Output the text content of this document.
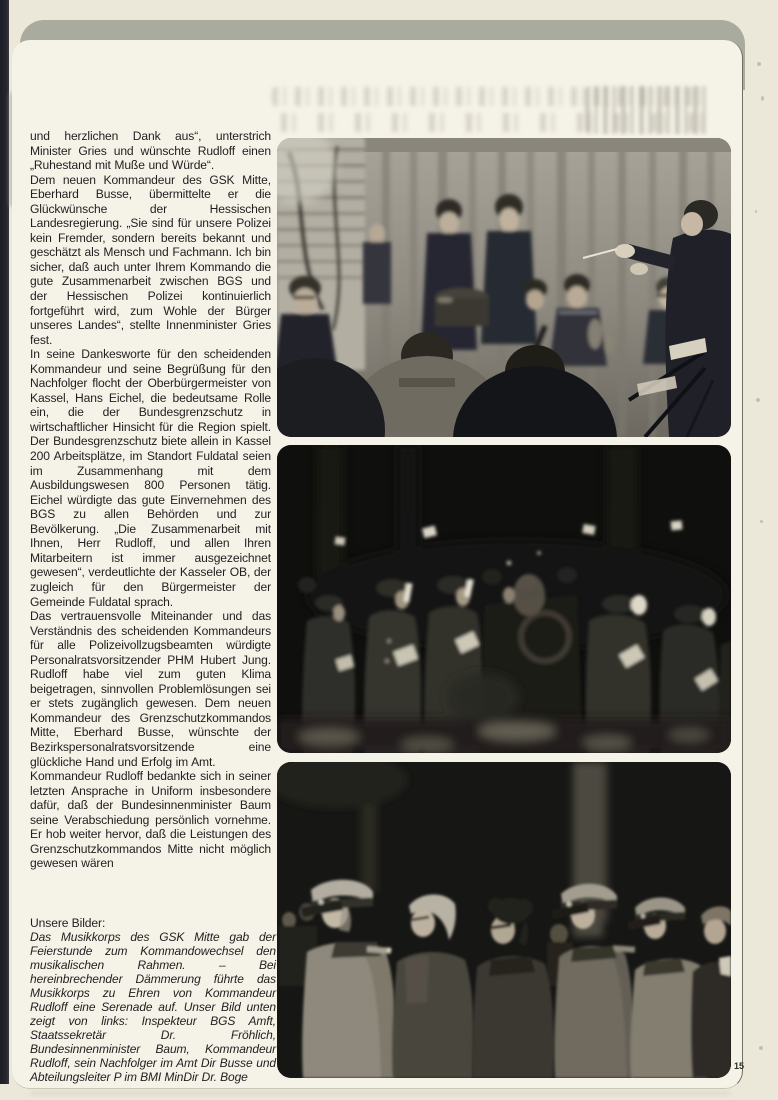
und herzlichen Dank aus“, unterstrich Minister Gries und wünschte Rudloff einen „Ruhestand mit Muße und Würde“.

Dem neuen Kommandeur des GSK Mitte, Eberhard Busse, übermittelte er die Glückwünsche der Hessischen Landesregierung. „Sie sind für unsere Polizei kein Fremder, sondern bereits bekannt und geschätzt als Mensch und Fachmann. Ich bin sicher, daß auch unter Ihrem Kommando die gute Zusammenarbeit zwischen BGS und der Hessischen Polizei kontinuierlich fortgeführt wird, zum Wohle der Bürger unseres Landes“, stellte Innenminister Gries fest.

In seine Dankesworte für den scheidenden Kommandeur und seine Begrüßung für den Nachfolger flocht der Oberbürgermeister von Kassel, Hans Eichel, die bedeutsame Rolle ein, die der Bundesgrenzschutz in wirtschaftlicher Hinsicht für die Region spielt. Der Bundesgrenzschutz biete allein in Kassel 200 Arbeitsplätze, im Standort Fuldatal seien im Zusammenhang mit dem Ausbildungswesen 800 Personen tätig. Eichel würdigte das gute Einvernehmen des BGS zu allen Behörden und zur Bevölkerung. „Die Zusammenarbeit mit Ihnen, Herr Rudloff, und allen Ihren Mitarbeitern ist immer ausgezeichnet gewesen“, verdeutlichte der Kasseler OB, der zugleich für den Bürgermeister der Gemeinde Fuldatal sprach.

Das vertrauensvolle Miteinander und das Verständnis des scheidenden Kommandeurs für alle Polizeivollzugsbeamten würdigte Personalratsvorsitzender PHM Hubert Jung. Rudloff habe viel zum guten Klima beigetragen, sinnvollen Problemlösungen sei er stets zugänglich gewesen. Dem neuen Kommandeur des Grenzschutzkommandos Mitte, Eberhard Busse, wünschte der Bezirkspersonalratsvorsitzende eine glückliche Hand und Erfolg im Amt.

Kommandeur Rudloff bedankte sich in seiner letzten Ansprache in Uniform insbesondere dafür, daß der Bundesinnenminister Baum seine Verabschiedung persönlich vornehme. Er hob weiter hervor, daß die Leistungen des Grenzschutzkommandos Mitte nicht möglich gewesen wären

Unsere Bilder:

Das Musikkorps des GSK Mitte gab der Feierstunde zum Kommandowechsel den musikalischen Rahmen. – Bei hereinbrechender Dämmerung führte das Musikkorps zu Ehren von Kommandeur Rudloff eine Serenade auf. Unser Bild unten zeigt von links: Inspekteur BGS Amft, Staatssekretär Dr. Fröhlich, Bundesinnenminister Baum, Kommandeur Rudloff, sein Nachfolger im Amt Dir Busse und Abteilungsleiter P im BMI MinDir Dr. Boge

15
